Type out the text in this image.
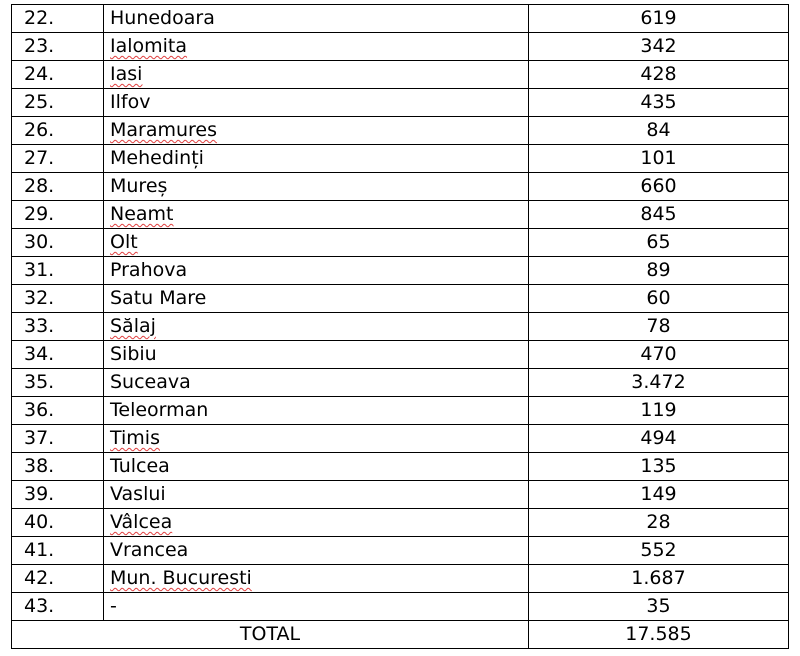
22.	Hunedoara	619
23.	Ialomita	342
24.	Iasi	428
25.	Ilfov	435
26.	Maramures	84
27.	Mehedinți	101
28.	Mureș	660
29.	Neamt	845
30.	Olt	65
31.	Prahova	89
32.	Satu Mare	60
33.	Sălaj	78
34.	Sibiu	470
35.	Suceava	3.472
36.	Teleorman	119
37.	Timis	494
38.	Tulcea	135
39.	Vaslui	149
40.	Vâlcea	28
41.	Vrancea	552
42.	Mun. Bucuresti	1.687
43.	-	35
TOTAL		17.585
